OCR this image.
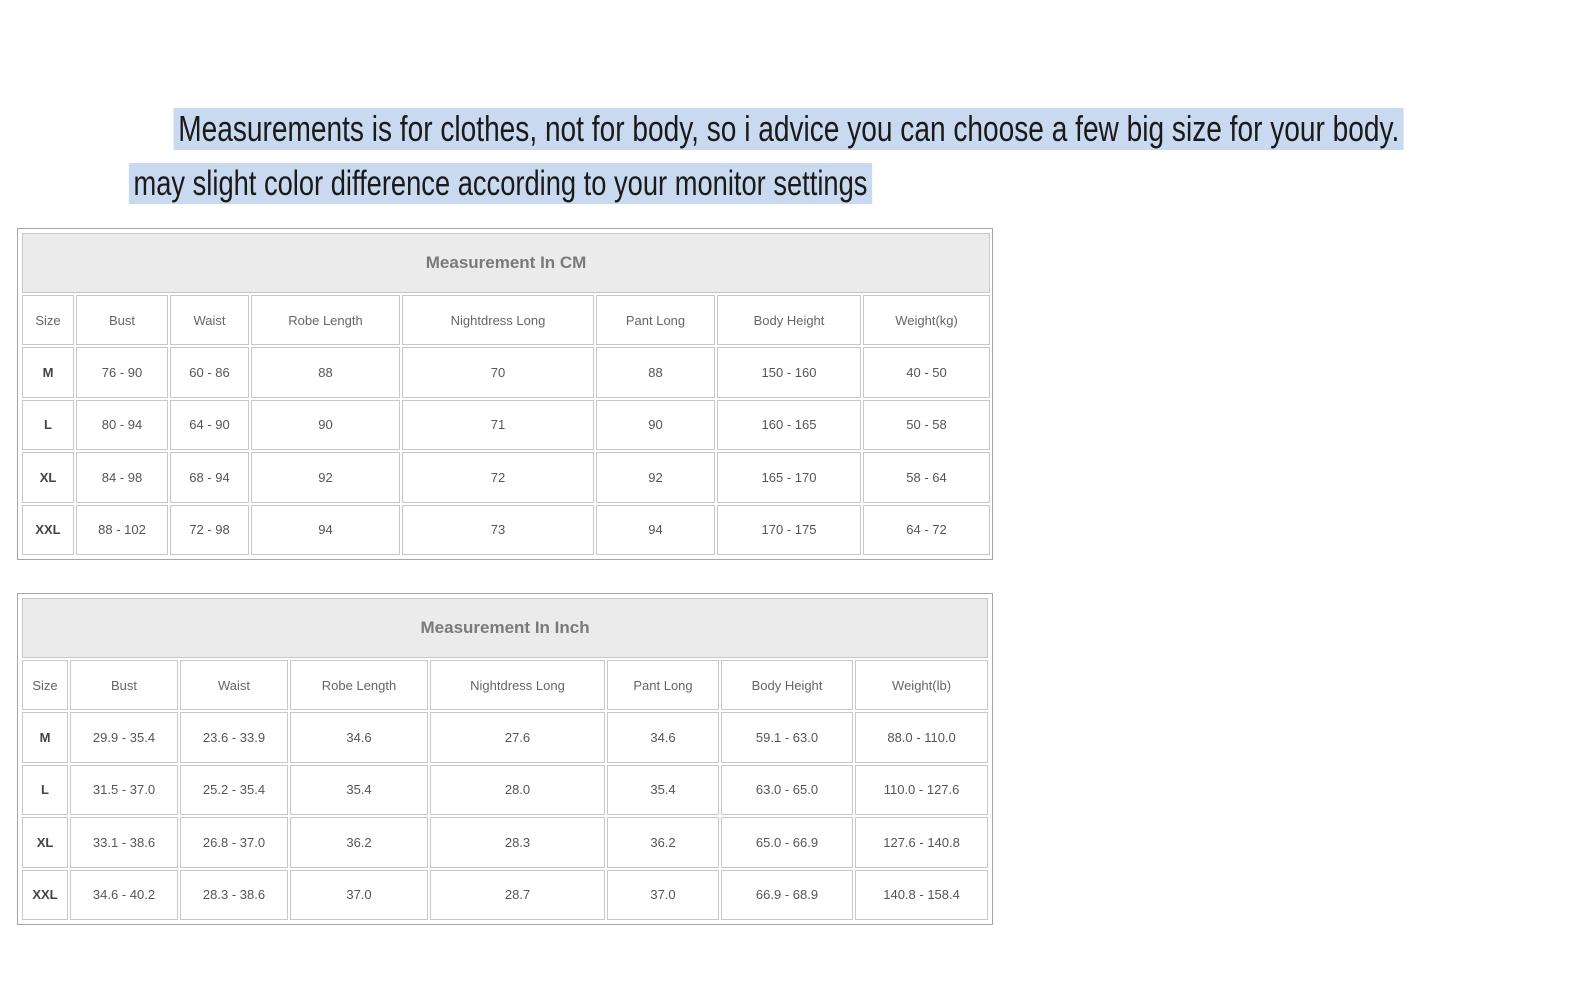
Measurements is for clothes, not for body, so i advice you can choose a few big size for your body.
may slight color difference according to your monitor settings
Measurement In CM							
Size	Bust	Waist	Robe Length	Nightdress Long	Pant Long	Body Height	Weight(kg)
M	76 - 90	60 - 86	88	70	88	150 - 160	40 - 50
L	80 - 94	64 - 90	90	71	90	160 - 165	50 - 58
XL	84 - 98	68 - 94	92	72	92	165 - 170	58 - 64
XXL	88 - 102	72 - 98	94	73	94	170 - 175	64 - 72
Measurement In Inch							
Size	Bust	Waist	Robe Length	Nightdress Long	Pant Long	Body Height	Weight(lb)
M	29.9 - 35.4	23.6 - 33.9	34.6	27.6	34.6	59.1 - 63.0	88.0 - 110.0
L	31.5 - 37.0	25.2 - 35.4	35.4	28.0	35.4	63.0 - 65.0	110.0 - 127.6
XL	33.1 - 38.6	26.8 - 37.0	36.2	28.3	36.2	65.0 - 66.9	127.6 - 140.8
XXL	34.6 - 40.2	28.3 - 38.6	37.0	28.7	37.0	66.9 - 68.9	140.8 - 158.4
